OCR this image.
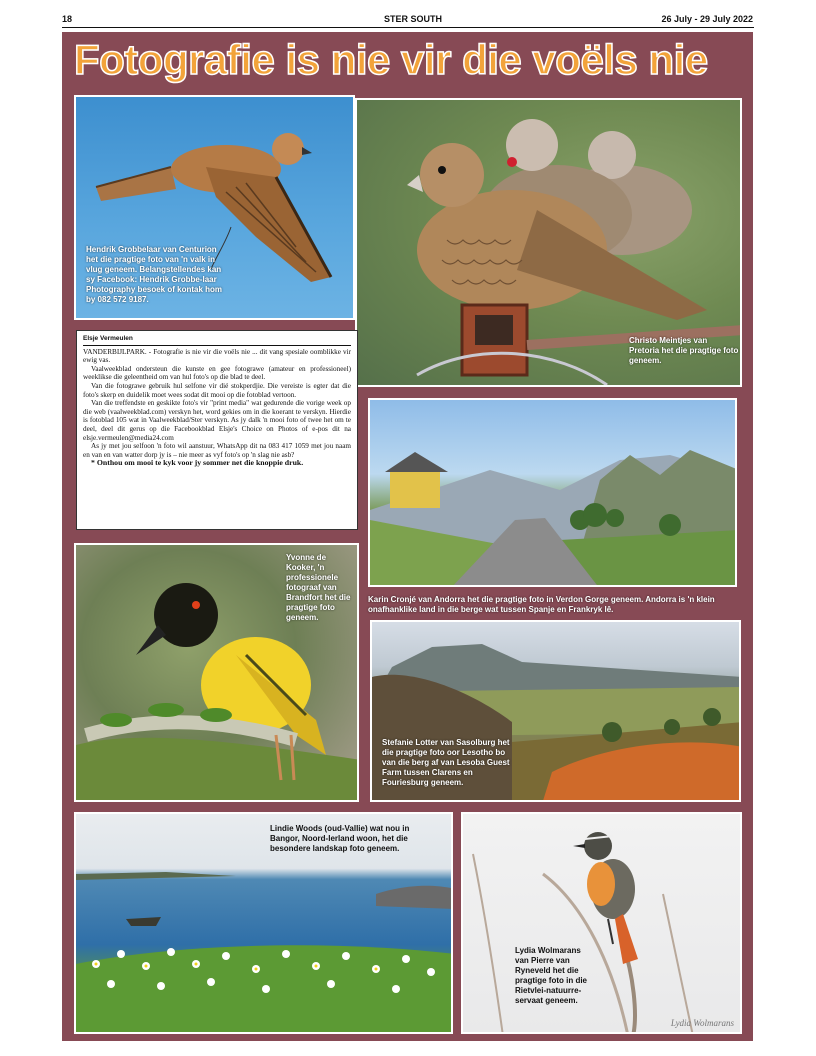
18	STER SOUTH	26 July - 29 July 2022
Fotografie is nie vir die voëls nie
Hendrik Grobbelaar van Centurion het die pragtige foto van 'n valk in vlug geneem. Belangstellendes kan sy Facebook: Hendrik Grobbe-laar Photography besoek of kontak hom by 082 572 9187.
Christo Meintjes van Pretoria het die pragtige foto geneem.
Elsje Vermeulen

VANDERBIJLPARK. - Fotografie is nie vir die voëls nie ... dit vang spesiale oomblikke vir ewig vas.

Vaalweekblad ondersteun die kunste en gee fotograwe (amateur en professioneel) weeklikse die geleentheid om van hul foto's op die blad te deel.

Van die fotograwe gebruik hul selfone vir dié stokperdjie. Die vereiste is egter dat die foto's skerp en duidelik moet wees sodat dit mooi op die fotoblad vertoon.

Van die treffendste en geskikte foto's vir "print media" wat gedurende die vorige week op die web (vaalweekblad.com) verskyn het, word gekies om in die koerant te verskyn. Hierdie is fotoblad 105 wat in Vaalweekblad/Ster verskyn. As jy dalk 'n mooi foto of twee het om te deel, deel dit gerus op die Facebookblad Elsje's Choice on Photos of e-pos dit na elsje.vermeulen@media24.com

As jy met jou selfoon 'n foto wil aanstuur, WhatsApp dit na 083 417 1059 met jou naam en van en van watter dorp jy is – nie meer as vyf foto's op 'n slag nie asb?

* Onthou om mooi te kyk voor jy sommer net die knoppie druk.

Karin Cronjé van Andorra het die pragtige foto in Verdon Gorge geneem. Andorra is 'n klein onafhanklike land in die berge wat tussen Spanje en Frankryk lê.
Yvonne de Kooker, 'n professionele fotograaf van Brandfort het die pragtige foto geneem.
Stefanie Lotter van Sasolburg het die pragtige foto oor Lesotho bo van die berg af van Lesoba Guest Farm tussen Clarens en Fouriesburg geneem.
Lindie Woods (oud-Vallie) wat nou in Bangor, Noord-Ierland woon, het die besondere landskap foto geneem.
Lydia Wolmarans van Pierre van Ryneveld het die pragtige foto in die Rietvlei-natuurre-servaat geneem.
Lydia Wolmarans
